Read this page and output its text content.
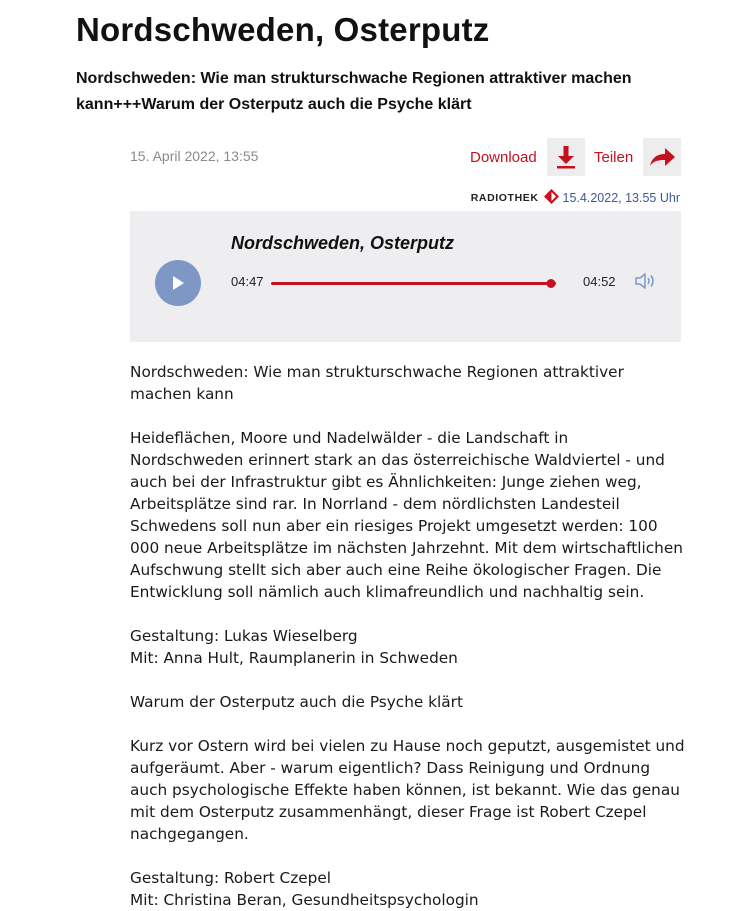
Nordschweden, Osterputz
Nordschweden: Wie man strukturschwache Regionen attraktiver machen kann+++Warum der Osterputz auch die Psyche klärt
15. April 2022, 13:55	Download	Teilen
RADIOTHEK 15.4.2022, 13.55 Uhr
Nordschweden, Osterputz
04:47	04:52

Nordschweden: Wie man strukturschwache Regionen attraktiver machen kann

Heideflächen, Moore und Nadelwälder - die Landschaft in Nordschweden erinnert stark an das österreichische Waldviertel - und auch bei der Infrastruktur gibt es Ähnlichkeiten: Junge ziehen weg, Arbeitsplätze sind rar. In Norrland - dem nördlichsten Landesteil Schwedens soll nun aber ein riesiges Projekt umgesetzt werden: 100 000 neue Arbeitsplätze im nächsten Jahrzehnt. Mit dem wirtschaftlichen Aufschwung stellt sich aber auch eine Reihe ökologischer Fragen. Die Entwicklung soll nämlich auch klimafreundlich und nachhaltig sein.

Gestaltung: Lukas Wieselberg

Mit: Anna Hult, Raumplanerin in Schweden

Warum der Osterputz auch die Psyche klärt

Kurz vor Ostern wird bei vielen zu Hause noch geputzt, ausgemistet und aufgeräumt. Aber - warum eigentlich? Dass Reinigung und Ordnung auch psychologische Effekte haben können, ist bekannt. Wie das genau mit dem Osterputz zusammenhängt, dieser Frage ist Robert Czepel nachgegangen.

Gestaltung: Robert Czepel

Mit: Christina Beran, Gesundheitspsychologin
